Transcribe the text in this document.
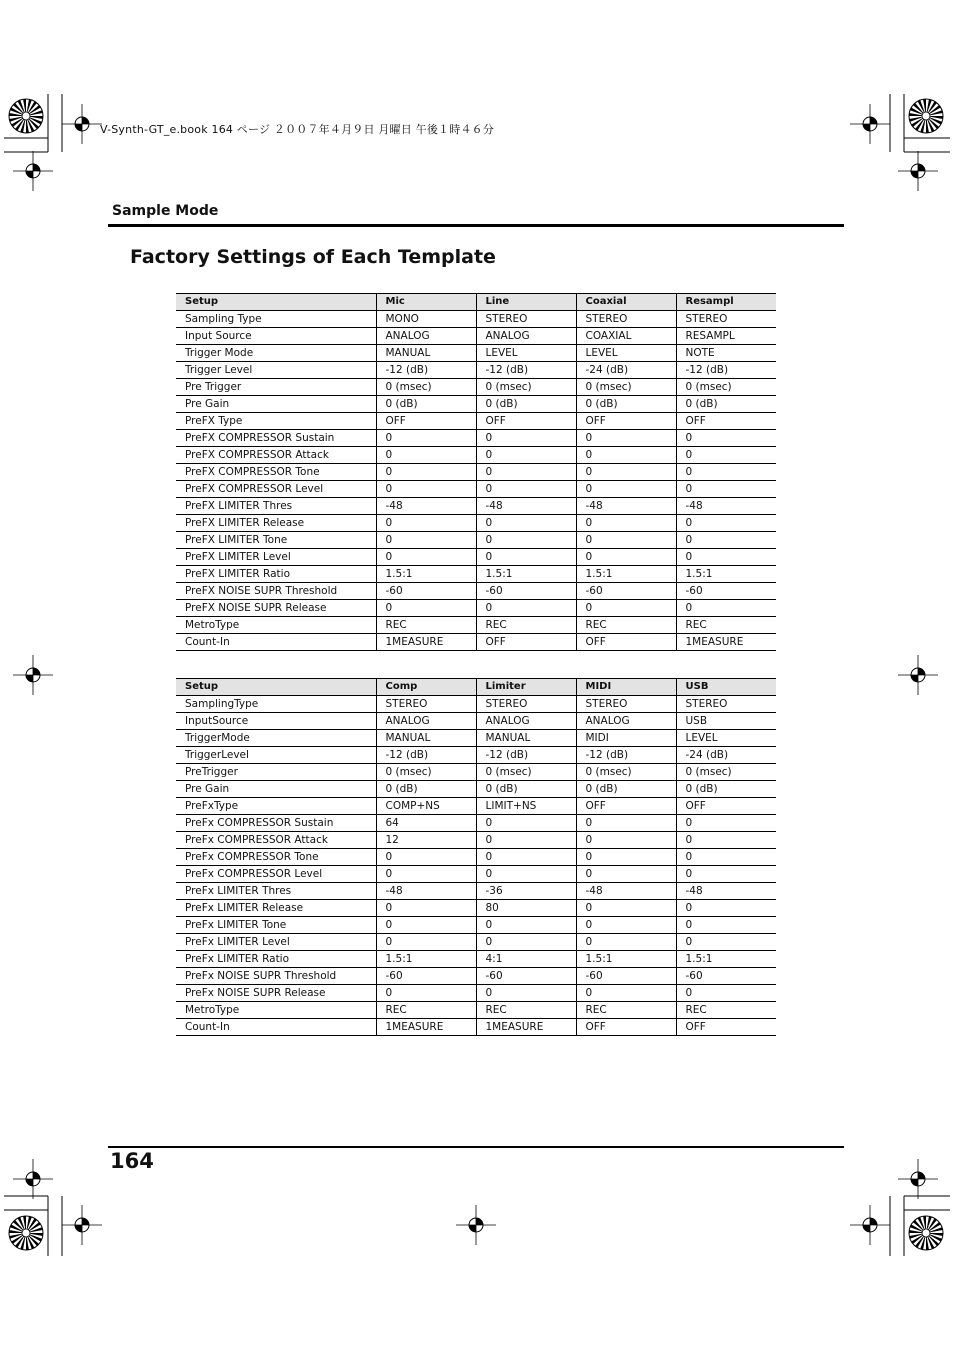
V-Synth-GT_e.book 164 ページ ２００７年４月９日 月曜日 午後１時４６分
Sample Mode
Factory Settings of Each Template
Setup	Mic	Line	Coaxial	Resampl
Sampling Type	MONO	STEREO	STEREO	STEREO
Input Source	ANALOG	ANALOG	COAXIAL	RESAMPL
Trigger Mode	MANUAL	LEVEL	LEVEL	NOTE
Trigger Level	-12 (dB)	-12 (dB)	-24 (dB)	-12 (dB)
Pre Trigger	0 (msec)	0 (msec)	0 (msec)	0 (msec)
Pre Gain	0 (dB)	0 (dB)	0 (dB)	0 (dB)
PreFX Type	OFF	OFF	OFF	OFF
PreFX COMPRESSOR Sustain	0	0	0	0
PreFX COMPRESSOR Attack	0	0	0	0
PreFX COMPRESSOR Tone	0	0	0	0
PreFX COMPRESSOR Level	0	0	0	0
PreFX LIMITER Thres	-48	-48	-48	-48
PreFX LIMITER Release	0	0	0	0
PreFX LIMITER Tone	0	0	0	0
PreFX LIMITER Level	0	0	0	0
PreFX LIMITER Ratio	1.5:1	1.5:1	1.5:1	1.5:1
PreFX NOISE SUPR Threshold	-60	-60	-60	-60
PreFX NOISE SUPR Release	0	0	0	0
MetroType	REC	REC	REC	REC
Count-In	1MEASURE	OFF	OFF	1MEASURE
Setup	Comp	Limiter	MIDI	USB
SamplingType	STEREO	STEREO	STEREO	STEREO
InputSource	ANALOG	ANALOG	ANALOG	USB
TriggerMode	MANUAL	MANUAL	MIDI	LEVEL
TriggerLevel	-12 (dB)	-12 (dB)	-12 (dB)	-24 (dB)
PreTrigger	0 (msec)	0 (msec)	0 (msec)	0 (msec)
Pre Gain	0 (dB)	0 (dB)	0 (dB)	0 (dB)
PreFxType	COMP+NS	LIMIT+NS	OFF	OFF
PreFx COMPRESSOR Sustain	64	0	0	0
PreFx COMPRESSOR Attack	12	0	0	0
PreFx COMPRESSOR Tone	0	0	0	0
PreFx COMPRESSOR Level	0	0	0	0
PreFx LIMITER Thres	-48	-36	-48	-48
PreFx LIMITER Release	0	80	0	0
PreFx LIMITER Tone	0	0	0	0
PreFx LIMITER Level	0	0	0	0
PreFx LIMITER Ratio	1.5:1	4:1	1.5:1	1.5:1
PreFx NOISE SUPR Threshold	-60	-60	-60	-60
PreFx NOISE SUPR Release	0	0	0	0
MetroType	REC	REC	REC	REC
Count-In	1MEASURE	1MEASURE	OFF	OFF
164
